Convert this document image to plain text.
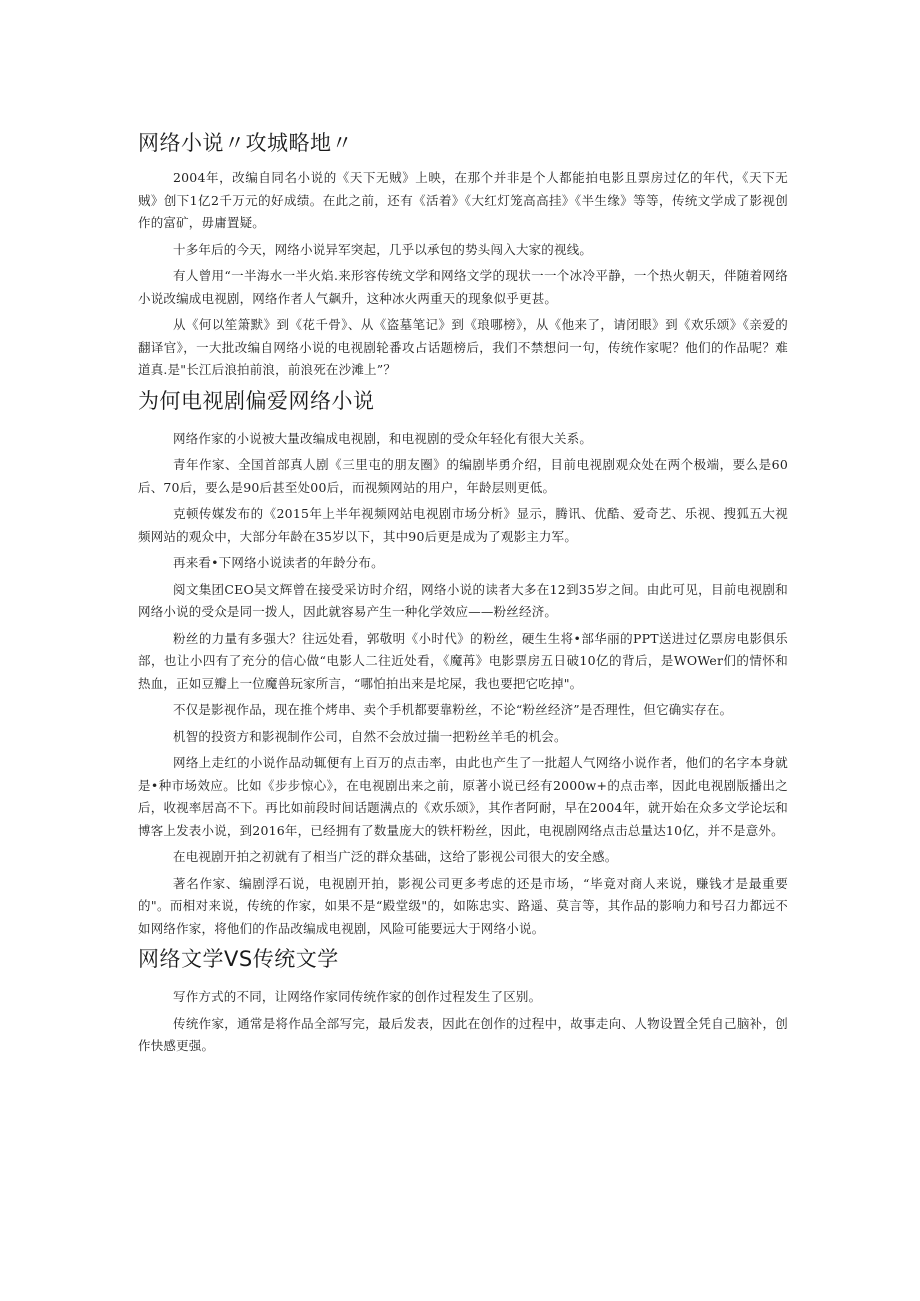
网络小说〃攻城略地〃

2004年，改编自同名小说的《天下无贼》上映，在那个并非是个人都能拍电影且票房过亿的年代，《天下无贼》创下1亿2千万元的好成绩。在此之前，还有《活着》《大红灯笼高高挂》《半生缘》等等，传统文学成了影视创作的富矿，毋庸置疑。

十多年后的今天，网络小说异军突起，几乎以承包的势头闯入大家的视线。

有人曾用“一半海水一半火焰.来形容传统文学和网络文学的现状一一个冰冷平静，一个热火朝天，伴随着网络小说改编成电视剧，网络作者人气飙升，这种冰火两重天的现象似乎更甚。

从《何以笙箫默》到《花千骨》、从《盗墓笔记》到《琅哪榜》，从《他来了，请闭眼》到《欢乐颂》《亲爱的翻译官》，一大批改编自网络小说的电视剧轮番攻占话题榜后，我们不禁想问一句，传统作家呢？他们的作品呢？难道真.是"长江后浪拍前浪，前浪死在沙滩上”？

为何电视剧偏爱网络小说

网络作家的小说被大量改编成电视剧，和电视剧的受众年轻化有很大关系。

青年作家、全国首部真人剧《三里屯的朋友圈》的编剧毕勇介绍，目前电视剧观众处在两个极端，要么是60后、70后，要么是90后甚至处00后，而视频网站的用户，年龄层则更低。

克顿传媒发布的《2015年上半年视频网站电视剧市场分析》显示，腾讯、优酷、爱奇艺、乐视、搜狐五大视频网站的观众中，大部分年龄在35岁以下，其中90后更是成为了观影主力军。

再来看•下网络小说读者的年龄分布。

阅文集团CEO吴文辉曾在接受采访时介绍，网络小说的读者大多在12到35岁之间。由此可见，目前电视剧和网络小说的受众是同一拨人，因此就容易产生一种化学效应——粉丝经济。

粉丝的力量有多强大？往远处看，郭敬明《小时代》的粉丝，硬生生将•部华丽的PPT送进过亿票房电影俱乐部，也让小四有了充分的信心做“电影人二往近处看，《魔苒》电影票房五日破10亿的背后，是WOWer们的情怀和热血，正如豆瓣上一位魔兽玩家所言，“哪怕拍出来是坨屎，我也要把它吃掉"。

不仅是影视作品，现在推个烤串、卖个手机都要靠粉丝，不论“粉丝经济”是否理性，但它确实存在。

机智的投资方和影视制作公司，自然不会放过揣一把粉丝羊毛的机会。

网络上走红的小说作品动辄便有上百万的点击率，由此也产生了一批超人气网络小说作者，他们的名字本身就是•种市场效应。比如《步步惊心》，在电视剧出来之前，原著小说已经有2000w+的点击率，因此电视剧版播出之后，收视率居高不下。再比如前段时间话题满点的《欢乐颂》，其作者阿耐，早在2004年，就开始在众多文学论坛和博客上发表小说，到2016年，已经拥有了数量庞大的铁杆粉丝，因此，电视剧网络点击总量达10亿，并不是意外。

在电视剧开拍之初就有了相当广泛的群众基础，这给了影视公司很大的安全感。

著名作家、编剧浮石说，电视剧开拍，影视公司更多考虑的还是市场，“毕竟对商人来说，赚钱才是最重要的"。而相对来说，传统的作家，如果不是“殿堂级"的，如陈忠实、路遥、莫言等，其作品的影响力和号召力都远不如网络作家，将他们的作品改编成电视剧，风险可能要远大于网络小说。

网络文学VS传统文学

写作方式的不同，让网络作家同传统作家的创作过程发生了区别。

传统作家，通常是将作品全部写完，最后发表，因此在创作的过程中，故事走向、人物设置全凭自己脑补，创作快感更强。
